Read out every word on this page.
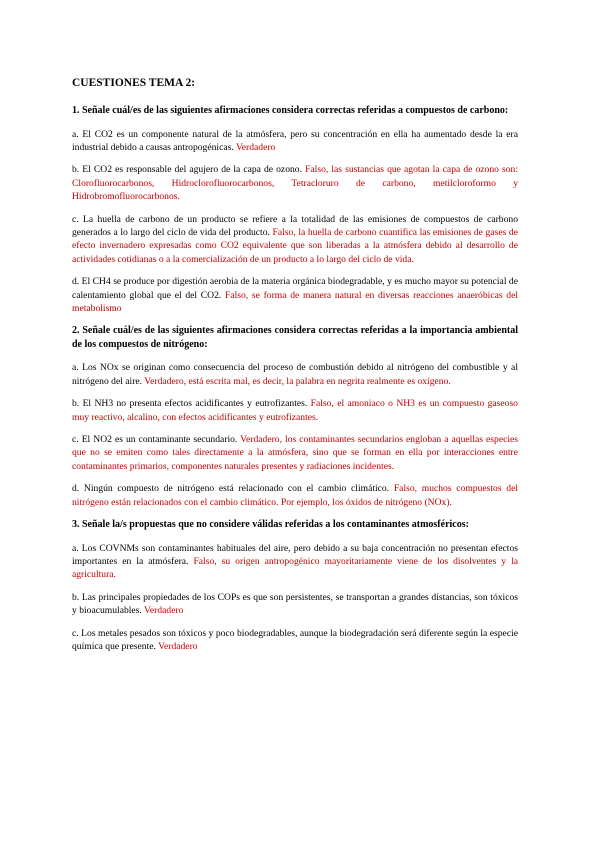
CUESTIONES TEMA 2:
1. Señale cuál/es de las siguientes afirmaciones considera correctas referidas a compuestos de carbono:

a. El CO2 es un componente natural de la atmósfera, pero su concentración en ella ha aumentado desde la era industrial debido a causas antropogénicas. Verdadero

b. El CO2 es responsable del agujero de la capa de ozono. Falso, las sustancias que agotan la capa de ozono son: Clorofluorocarbonos, Hidroclorofluorocarbonos, Tetracloruro de carbono, metilcloroformo y Hidrobromofluorocarbonos.

c. La huella de carbono de un producto se refiere a la totalidad de las emisiones de compuestos de carbono generados a lo largo del ciclo de vida del producto. Falso, la huella de carbono cuantifica las emisiones de gases de efecto invernadero expresadas como CO2 equivalente que son liberadas a la atmósfera debido al desarrollo de actividades cotidianas o a la comercialización de un producto a lo largo del ciclo de vida.

d. El CH4 se produce por digestión aerobia de la materia orgánica biodegradable, y es mucho mayor su potencial de calentamiento global que el del CO2. Falso, se forma de manera natural en diversas reacciones anaeróbicas del metabolismo

2. Señale cuál/es de las siguientes afirmaciones considera correctas referidas a la importancia ambiental de los compuestos de nitrógeno:

a. Los NOx se originan como consecuencia del proceso de combustión debido al nitrógeno del combustible y al nitrógeno del aire. Verdadero, está escrita mal, es decir, la palabra en negrita realmente es oxígeno.

b. El NH3 no presenta efectos acidificantes y eutrofizantes. Falso, el amoniaco o NH3 es un compuesto gaseoso muy reactivo, alcalino, con efectos acidificantes y eutrofizantes.

c. El NO2 es un contaminante secundario. Verdadero, los contaminantes secundarios engloban a aquellas especies que no se emiten como tales directamente a la atmósfera, sino que se forman en ella por interacciones entre contaminantes primarios, componentes naturales presentes y radiaciones incidentes.

d. Ningún compuesto de nitrógeno está relacionado con el cambio climático. Falso, muchos compuestos del nitrógeno están relacionados con el cambio climático. Por ejemplo, los óxidos de nitrógeno (NOx).

3. Señale la/s propuestas que no considere válidas referidas a los contaminantes atmosféricos:

a. Los COVNMs son contaminantes habituales del aire, pero debido a su baja concentración no presentan efectos importantes en la atmósfera. Falso, su origen antropogénico mayoritariamente viene de los disolventes y la agricultura.

b. Las principales propiedades de los COPs es que son persistentes, se transportan a grandes distancias, son tóxicos y bioacumulables. Verdadero

c. Los metales pesados son tóxicos y poco biodegradables, aunque la biodegradación será diferente según la especie química que presente. Verdadero
